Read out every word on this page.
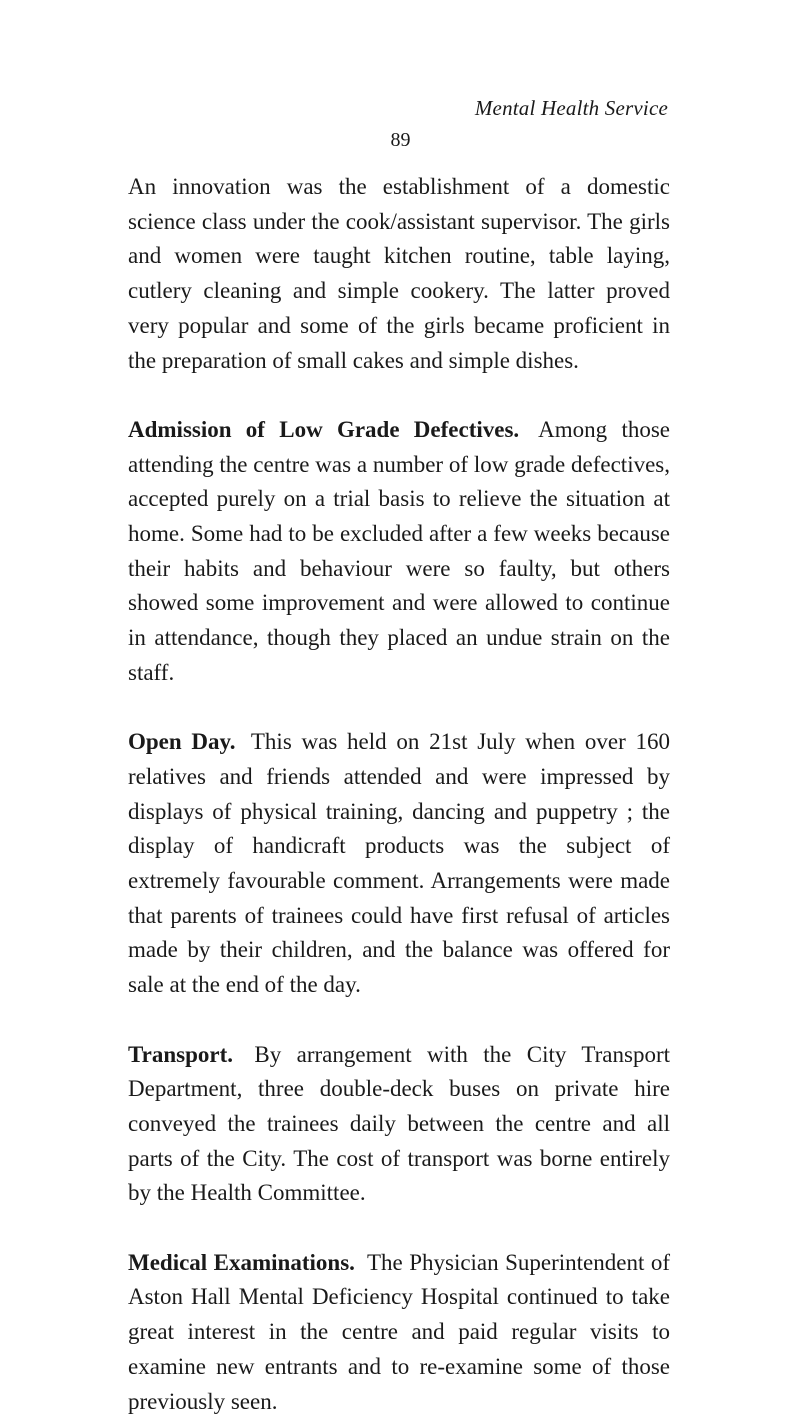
Mental Health Service
89

An innovation was the establishment of a domestic science class under the cook/assistant supervisor. The girls and women were taught kitchen routine, table laying, cutlery cleaning and simple cookery. The latter proved very popular and some of the girls became proficient in the preparation of small cakes and simple dishes.

Admission of Low Grade Defectives. Among those attending the centre was a number of low grade defectives, accepted purely on a trial basis to relieve the situation at home. Some had to be excluded after a few weeks because their habits and behaviour were so faulty, but others showed some improvement and were allowed to continue in attendance, though they placed an undue strain on the staff.

Open Day. This was held on 21st July when over 160 relatives and friends attended and were impressed by displays of physical training, dancing and puppetry ; the display of handicraft products was the subject of extremely favourable comment. Arrangements were made that parents of trainees could have first refusal of articles made by their children, and the balance was offered for sale at the end of the day.

Transport. By arrangement with the City Transport Department, three double-deck buses on private hire conveyed the trainees daily between the centre and all parts of the City. The cost of transport was borne entirely by the Health Committee.

Medical Examinations. The Physician Superintendent of Aston Hall Mental Deficiency Hospital continued to take great interest in the centre and paid regular visits to examine new entrants and to re-examine some of those previously seen.
